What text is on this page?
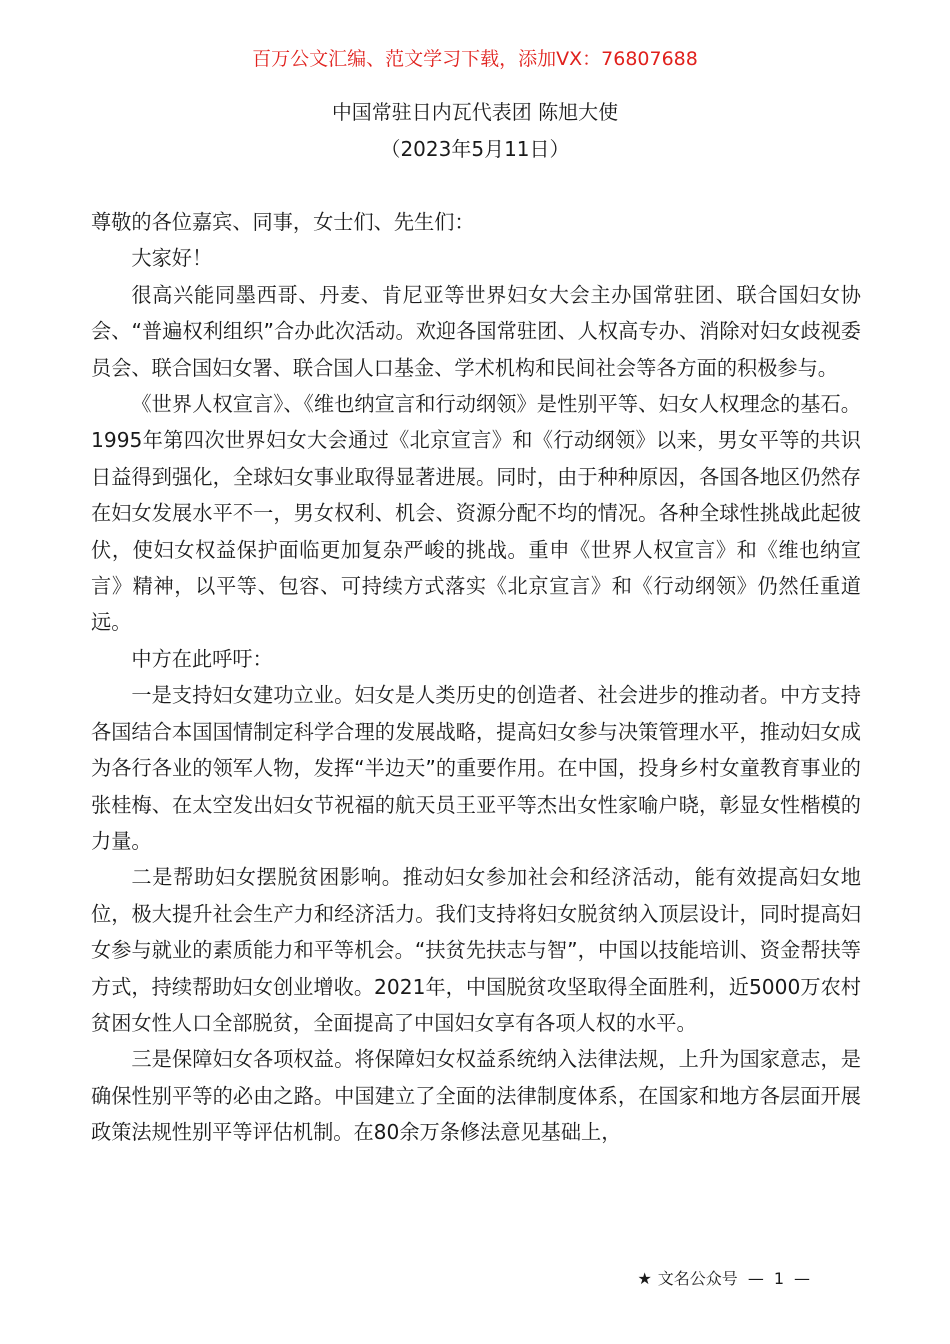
百万公文汇编、范文学习下载，添加VX：76807688
中国常驻日内瓦代表团 陈旭大使
（2023年5月11日）

尊敬的各位嘉宾、同事，女士们、先生们：

大家好！

很高兴能同墨西哥、丹麦、肯尼亚等世界妇女大会主办国常驻团、联合国妇女协会、“普遍权利组织”合办此次活动。欢迎各国常驻团、人权高专办、消除对妇女歧视委员会、联合国妇女署、联合国人口基金、学术机构和民间社会等各方面的积极参与。

《世界人权宣言》、《维也纳宣言和行动纲领》是性别平等、妇女人权理念的基石。1995年第四次世界妇女大会通过《北京宣言》和《行动纲领》以来，男女平等的共识日益得到强化，全球妇女事业取得显著进展。同时，由于种种原因，各国各地区仍然存在妇女发展水平不一，男女权利、机会、资源分配不均的情况。各种全球性挑战此起彼伏，使妇女权益保护面临更加复杂严峻的挑战。重申《世界人权宣言》和《维也纳宣言》精神，以平等、包容、可持续方式落实《北京宣言》和《行动纲领》仍然任重道远。

中方在此呼吁：

一是支持妇女建功立业。妇女是人类历史的创造者、社会进步的推动者。中方支持各国结合本国国情制定科学合理的发展战略，提高妇女参与决策管理水平，推动妇女成为各行各业的领军人物，发挥“半边天”的重要作用。在中国，投身乡村女童教育事业的张桂梅、在太空发出妇女节祝福的航天员王亚平等杰出女性家喻户晓，彰显女性楷模的力量。

二是帮助妇女摆脱贫困影响。推动妇女参加社会和经济活动，能有效提高妇女地位，极大提升社会生产力和经济活力。我们支持将妇女脱贫纳入顶层设计，同时提高妇女参与就业的素质能力和平等机会。“扶贫先扶志与智”，中国以技能培训、资金帮扶等方式，持续帮助妇女创业增收。2021年，中国脱贫攻坚取得全面胜利，近5000万农村贫困女性人口全部脱贫，全面提高了中国妇女享有各项人权的水平。

三是保障妇女各项权益。将保障妇女权益系统纳入法律法规，上升为国家意志，是确保性别平等的必由之路。中国建立了全面的法律制度体系，在国家和地方各层面开展政策法规性别平等评估机制。在80余万条修法意见基础上，

★ 文名公众号 — 1 —
